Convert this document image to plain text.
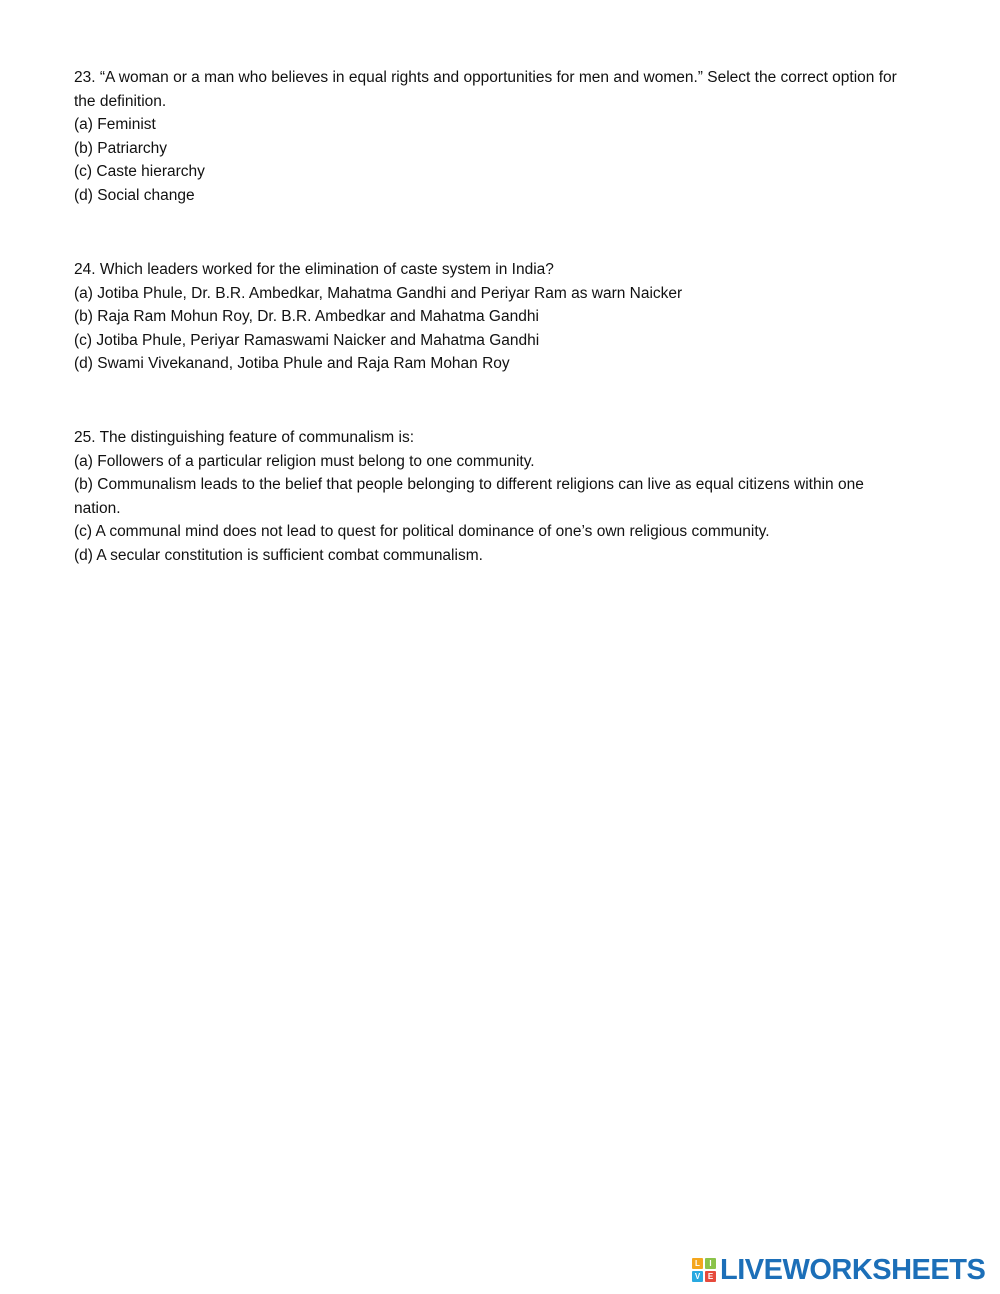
23. “A woman or a man who believes in equal rights and opportunities for men and women.” Select the correct option for the definition.
(a) Feminist
(b) Patriarchy
(c) Caste hierarchy
(d) Social change
24. Which leaders worked for the elimination of caste system in India?
(a) Jotiba Phule, Dr. B.R. Ambedkar, Mahatma Gandhi and Periyar Ram as warn Naicker
(b) Raja Ram Mohun Roy, Dr. B.R. Ambedkar and Mahatma Gandhi
(c) Jotiba Phule, Periyar Ramaswami Naicker and Mahatma Gandhi
(d) Swami Vivekanand, Jotiba Phule and Raja Ram Mohan Roy
25. The distinguishing feature of communalism is:
(a) Followers of a particular religion must belong to one community.
(b) Communalism leads to the belief that people belonging to different religions can live as equal citizens within one nation.
(c) A communal mind does not lead to quest for political dominance of one’s own religious community.
(d) A secular constitution is sufficient combat communalism.
L	I
V E LIVEWORKSHEETS
